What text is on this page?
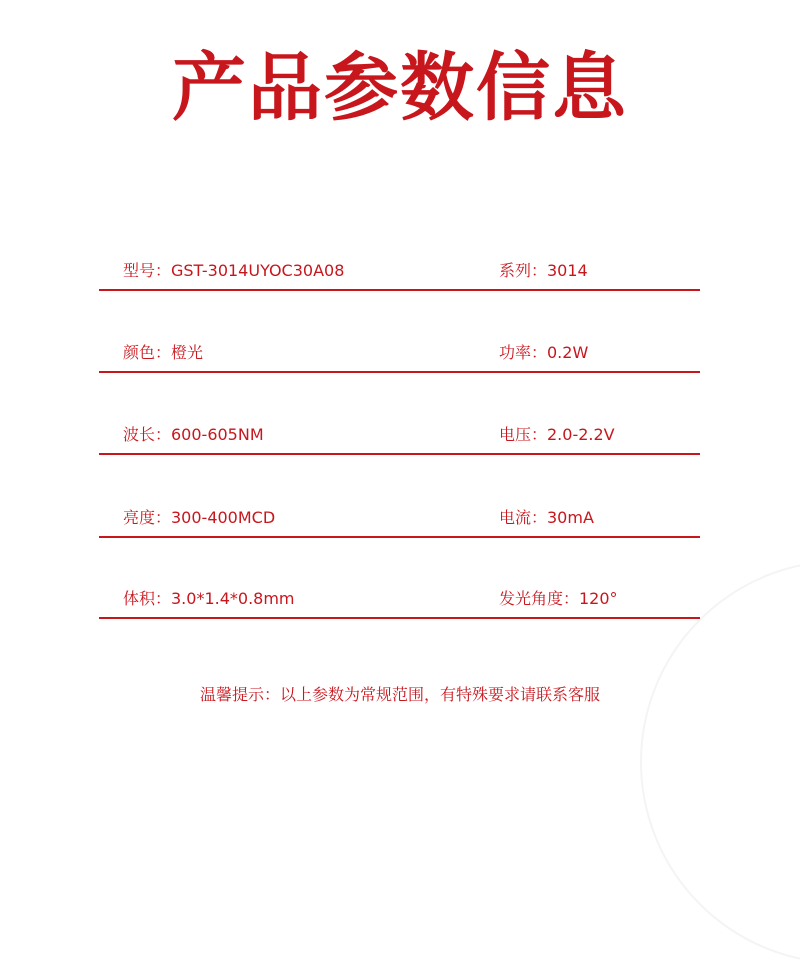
产品参数信息
型号：GST-3014UYOC30A08	系列：3014
颜色：橙光	功率：0.2W
波长：600-605NM	电压：2.0-2.2V
亮度：300-400MCD	电流：30mA
体积：3.0*1.4*0.8mm	发光角度：120°
温馨提示：以上参数为常规范围，有特殊要求请联系客服
